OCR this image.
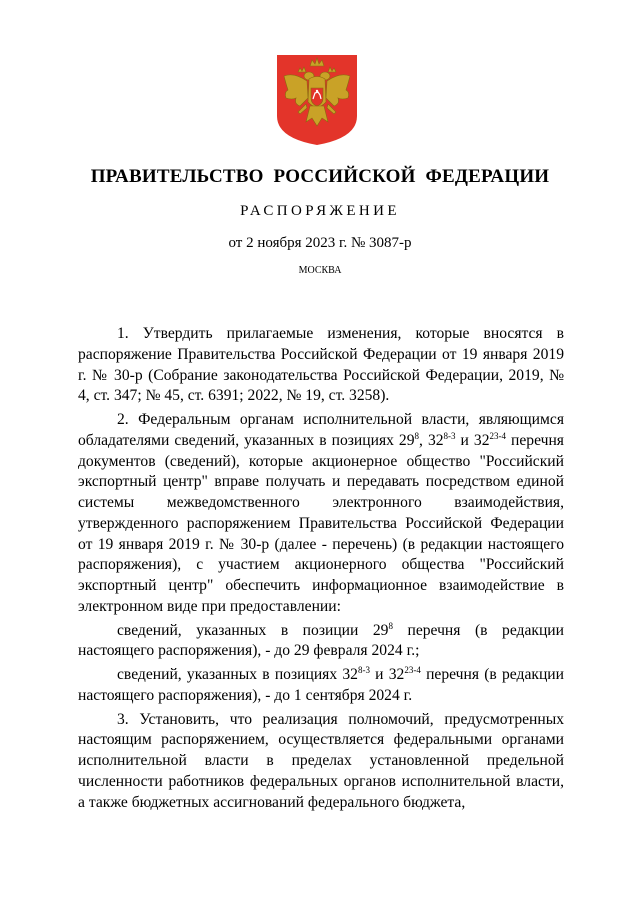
ПРАВИТЕЛЬСТВО  РОССИЙСКОЙ  ФЕДЕРАЦИИ
РАСПОРЯЖЕНИЕ
от 2 ноября 2023 г. № 3087-р
МОСКВА

1. Утвердить прилагаемые изменения, которые вносятся в распоряжение Правительства Российской Федерации от 19 января 2019 г. № 30-р (Собрание законодательства Российской Федерации, 2019, № 4, ст. 347; № 45, ст. 6391; 2022, № 19, ст. 3258).

2. Федеральным органам исполнительной власти, являющимся обладателями сведений, указанных в позициях $29^8$, 32$^{8-3}$ и 32$^{23-4}$ перечня документов (сведений), которые акционерное общество "Российский экспортный центр" вправе получать и передавать посредством единой системы межведомственного электронного взаимодействия, утвержденного распоряжением Правительства Российской Федерации от 19 января 2019 г. № 30-р (далее - перечень) (в редакции настоящего распоряжения), с участием акционерного общества "Российский экспортный центр" обеспечить информационное взаимодействие в электронном виде при предоставлении:

сведений, указанных в позиции $29^8$ перечня (в редакции настоящего распоряжения), - до 29 февраля 2024 г.;

сведений, указанных в позициях 32$^{8-3}$ и 32$^{23-4}$ перечня (в редакции настоящего распоряжения), - до 1 сентября 2024 г.

3. Установить, что реализация полномочий, предусмотренных настоящим распоряжением, осуществляется федеральными органами исполнительной власти в пределах установленной предельной численности работников федеральных органов исполнительной власти, а также бюджетных ассигнований федерального бюджета,
